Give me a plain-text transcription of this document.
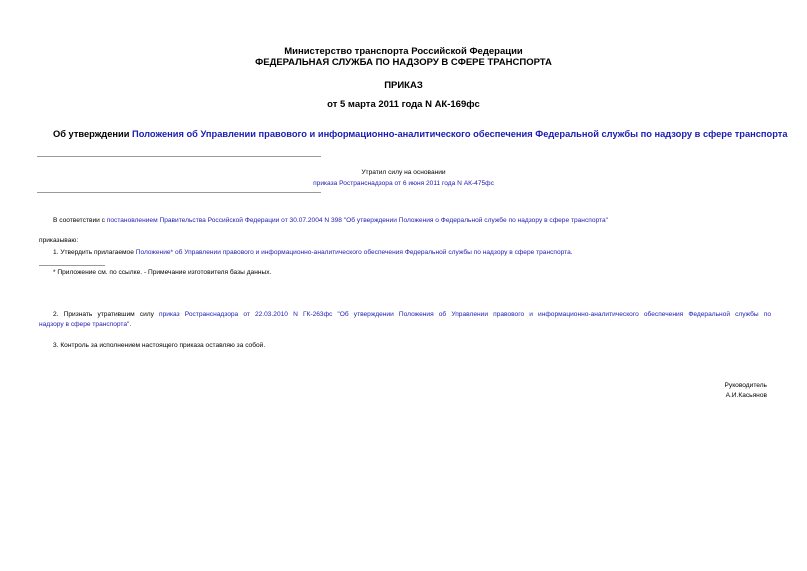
Министерство транспорта Российской Федерации
ФЕДЕРАЛЬНАЯ СЛУЖБА ПО НАДЗОРУ В СФЕРЕ ТРАНСПОРТА
ПРИКАЗ
от 5 марта 2011 года N АК-169фс
Об утверждении Положения об Управлении правового и информационно-аналитического обеспечения Федеральной службы по надзору в сфере транспорта
Утратил силу на основании
приказа Ространснадзора от 6 июня 2011 года N АК-475фс
В соответствии с постановлением Правительства Российской Федерации от 30.07.2004 N 398 "Об утверждении Положения о Федеральной службе по надзору в сфере транспорта"
приказываю:
1. Утвердить прилагаемое Положение* об Управлении правового и информационно-аналитического обеспечения Федеральной службы по надзору в сфере транспорта.
* Приложение см. по ссылке. - Примечание изготовителя базы данных.
2. Признать утратившим силу приказ Ространснадзора от 22.03.2010 N ГК-263фс "Об утверждении Положения об Управлении правового и информационно-аналитического обеспечения Федеральной службы по
надзору в сфере транспорта".
3. Контроль за исполнением настоящего приказа оставляю за собой.
Руководитель
А.И.Касьянов
